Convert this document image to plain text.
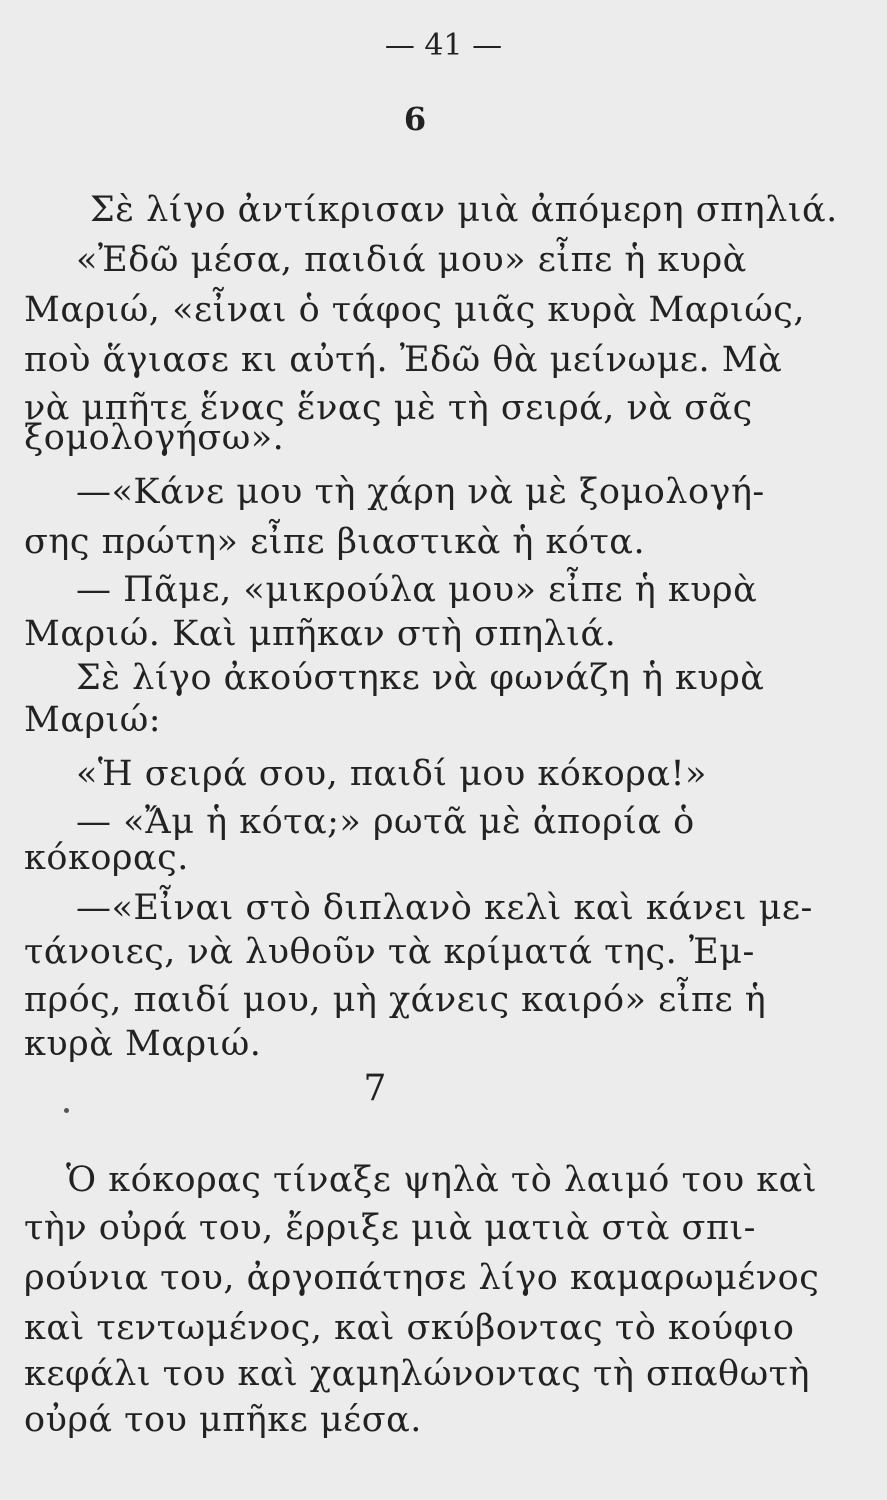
— 41 —
6
Σὲ λίγο ἀντίκρισαν μιὰ ἀπόμερη σπηλιά.
«Ἐδῶ μέσα, παιδιά μου» εἶπε ἡ κυρὰ
Μαριώ, «εἶναι ὁ τάφος μιᾶς κυρὰ Μαριώς,
ποὺ ἅγιασε κι αὐτή. Ἐδῶ θὰ μείνωμε. Μὰ
νὰ μπῆτε ἕνας ἕνας μὲ τὴ σειρά, νὰ σᾶς
ξομολογήσω».
—«Κάνε μου τὴ χάρη νὰ μὲ ξομολογή-
σης πρώτη» εἶπε βιαστικὰ ἡ κότα.
— Πᾶμε, «μικρούλα μου» εἶπε ἡ κυρὰ
Μαριώ. Καὶ μπῆκαν στὴ σπηλιά.
Σὲ λίγο ἀκούστηκε νὰ φωνάζη ἡ κυρὰ
Μαριώ:
«Ἡ σειρά σου, παιδί μου κόκορα!»
— «Ἄμ ἡ κότα;» ρωτᾶ μὲ ἀπορία ὁ
κόκορας.
—«Εἶναι στὸ διπλανὸ κελὶ καὶ κάνει με-
τάνοιες, νὰ λυθοῦν τὰ κρίματά της. Ἐμ-
πρός, παιδί μου, μὴ χάνεις καιρό» εἶπε ἡ
κυρὰ Μαριώ.
7
Ὁ κόκορας τίναξε ψηλὰ τὸ λαιμό του καὶ
τὴν οὐρά του, ἔρριξε μιὰ ματιὰ στὰ σπι-
ρούνια του, ἀργοπάτησε λίγο καμαρωμένος
καὶ τεντωμένος, καὶ σκύβοντας τὸ κούφιο
κεφάλι του καὶ χαμηλώνοντας τὴ σπαθωτὴ
οὐρά του μπῆκε μέσα.
